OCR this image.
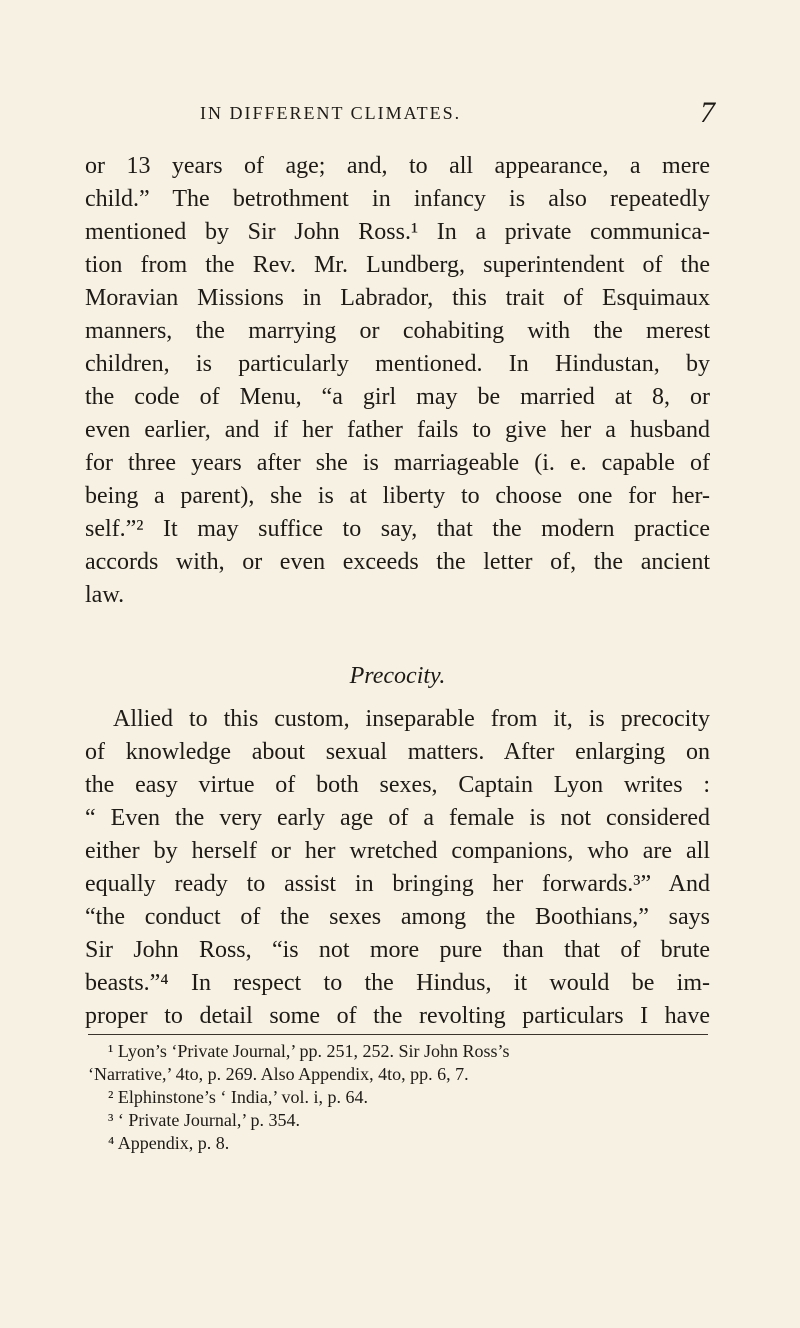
IN DIFFERENT CLIMATES.	7
or 13 years of age; and, to all appearance, a mere
child.” The betrothment in infancy is also repeatedly
mentioned by Sir John Ross.¹ In a private communica-
tion from the Rev. Mr. Lundberg, superintendent of the
Moravian Missions in Labrador, this trait of Esquimaux
manners, the marrying or cohabiting with the merest
children, is particularly mentioned. In Hindustan, by
the code of Menu, “a girl may be married at 8, or
even earlier, and if her father fails to give her a husband
for three years after she is marriageable (i. e. capable of
being a parent), she is at liberty to choose one for her-
self.”² It may suffice to say, that the modern practice
accords with, or even exceeds the letter of, the ancient
law.
Precocity.
Allied to this custom, inseparable from it, is precocity
of knowledge about sexual matters. After enlarging on
the easy virtue of both sexes, Captain Lyon writes :
“ Even the very early age of a female is not considered
either by herself or her wretched companions, who are all
equally ready to assist in bringing her forwards.³” And
“the conduct of the sexes among the Boothians,” says
Sir John Ross, “is not more pure than that of brute
beasts.”⁴ In respect to the Hindus, it would be im-
proper to detail some of the revolting particulars I have
¹ Lyon’s ‘Private Journal,’ pp. 251, 252. Sir John Ross’s
‘Narrative,’ 4to, p. 269. Also Appendix, 4to, pp. 6, 7.
² Elphinstone’s ‘ India,’ vol. i, p. 64.
³ ‘ Private Journal,’ p. 354.
⁴ Appendix, p. 8.
